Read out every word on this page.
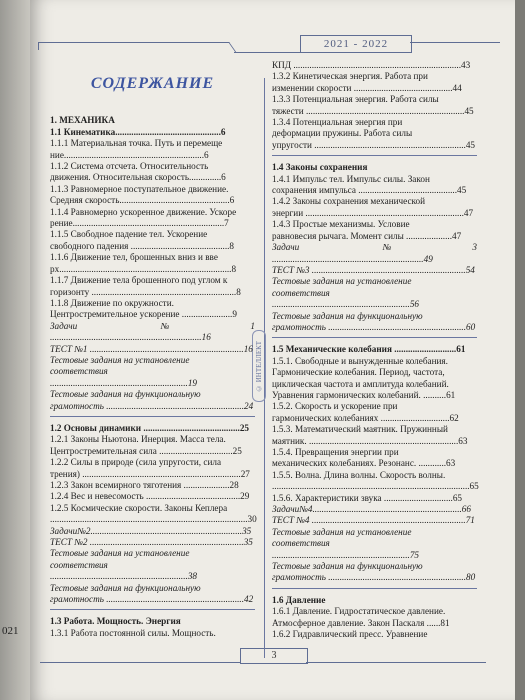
021
2021 - 2022
3
© ИНТЕЛЛЕКТ
СОДЕРЖАНИЕ
1. МЕХАНИКА
1.1 Кинематика..............................................6
1.1.1 Материальная точка. Путь и перемеще
ние.............................................................6
1.1.2 Система отсчета. Относительность
движения. Относительная скорость..............6
1.1.3 Равномерное поступательное движение.
Средняя скорость................................................6
1.1.4 Равномерно ускоренное движение. Ускоре
рение..................................................................7
1.1.5 Свободное падение тел. Ускорение
свободного падения ...........................................8
1.1.6 Движение тел, брошенных вниз и вве
рх...........................................................................8
1.1.7 Движение тела брошенного под углом к
горизонту ...............................................................8
1.1.8 Движение по окружности.
Центростремительное ускорение ......................9
Задачи №1 ..................................................................16
ТЕСТ №1 ...................................................................16
Тестовые задания на установление
соответствия ............................................................19
Тестовые задания на функциональную
грамотность ............................................................24
1.2 Основы динамики ..........................................25
1.2.1 Законы Ньютона. Инерция. Масса тела.
Центростремительная сила ................................25
1.2.2 Силы в природе (сила упругости, сила
трения) .....................................................................27
1.2.3 Закон всемирного тяготения ....................28
1.2.4 Вес и невесомость .........................................29
1.2.5 Космические скорости. Законы Кеплера
......................................................................................30
Задачи№2..................................................................35
ТЕСТ №2 ...................................................................35
Тестовые задания на установление
соответствия ............................................................38
Тестовые задания на функциональную
грамотность ............................................................42
1.3 Работа. Мощность. Энергия
1.3.1 Работа постоянной силы. Мощность.
КПД .........................................................................43
1.3.2 Кинетическая энергия. Работа при
изменении скорости ...........................................44
1.3.3 Потенциальная энергия. Работа силы
тяжести .....................................................................45
1.3.4 Потенциальная энергия при
деформации пружины. Работа силы
упругости ..................................................................45
1.4 Законы сохранения
1.4.1 Импульс тел. Импульс силы. Закон
сохранения импульса ...........................................45
1.4.2 Законы сохранения механической
энергии .....................................................................47
1.4.3 Простые механизмы. Условие
равновесия рычага. Момент силы ....................47
Задачи №3 ..................................................................49
ТЕСТ №3 ...................................................................54
Тестовые задания на установление
соответствия ............................................................56
Тестовые задания на функциональную
грамотность ............................................................60
1.5 Механические колебания ...........................61
1.5.1. Свободные и вынужденные колебания.
Гармонические колебания. Период, частота,
циклическая частота и амплитуда колебаний.
Уравнения гармонических колебаний. ..........61
1.5.2. Скорость и ускорение при
гармонических колебаниях ..............................62
1.5.3. Математический маятник. Пружинный
маятник. .................................................................63
1.5.4. Превращения энергии при
механических колебаниях. Резонанс. ............63
1.5.5. Волна. Длина волны. Скорость волны.
......................................................................................65
1.5.6. Характеристики звука ..............................65
Задачи№4.................................................................66
ТЕСТ №4 ...................................................................71
Тестовые задания на установление
соответствия ............................................................75
Тестовые задания на функциональную
грамотность ............................................................80
1.6 Давление
1.6.1 Давление. Гидростатическое давление.
Атмосферное давление. Закон Паскаля ......81
1.6.2 Гидравлический пресс. Уравнение
